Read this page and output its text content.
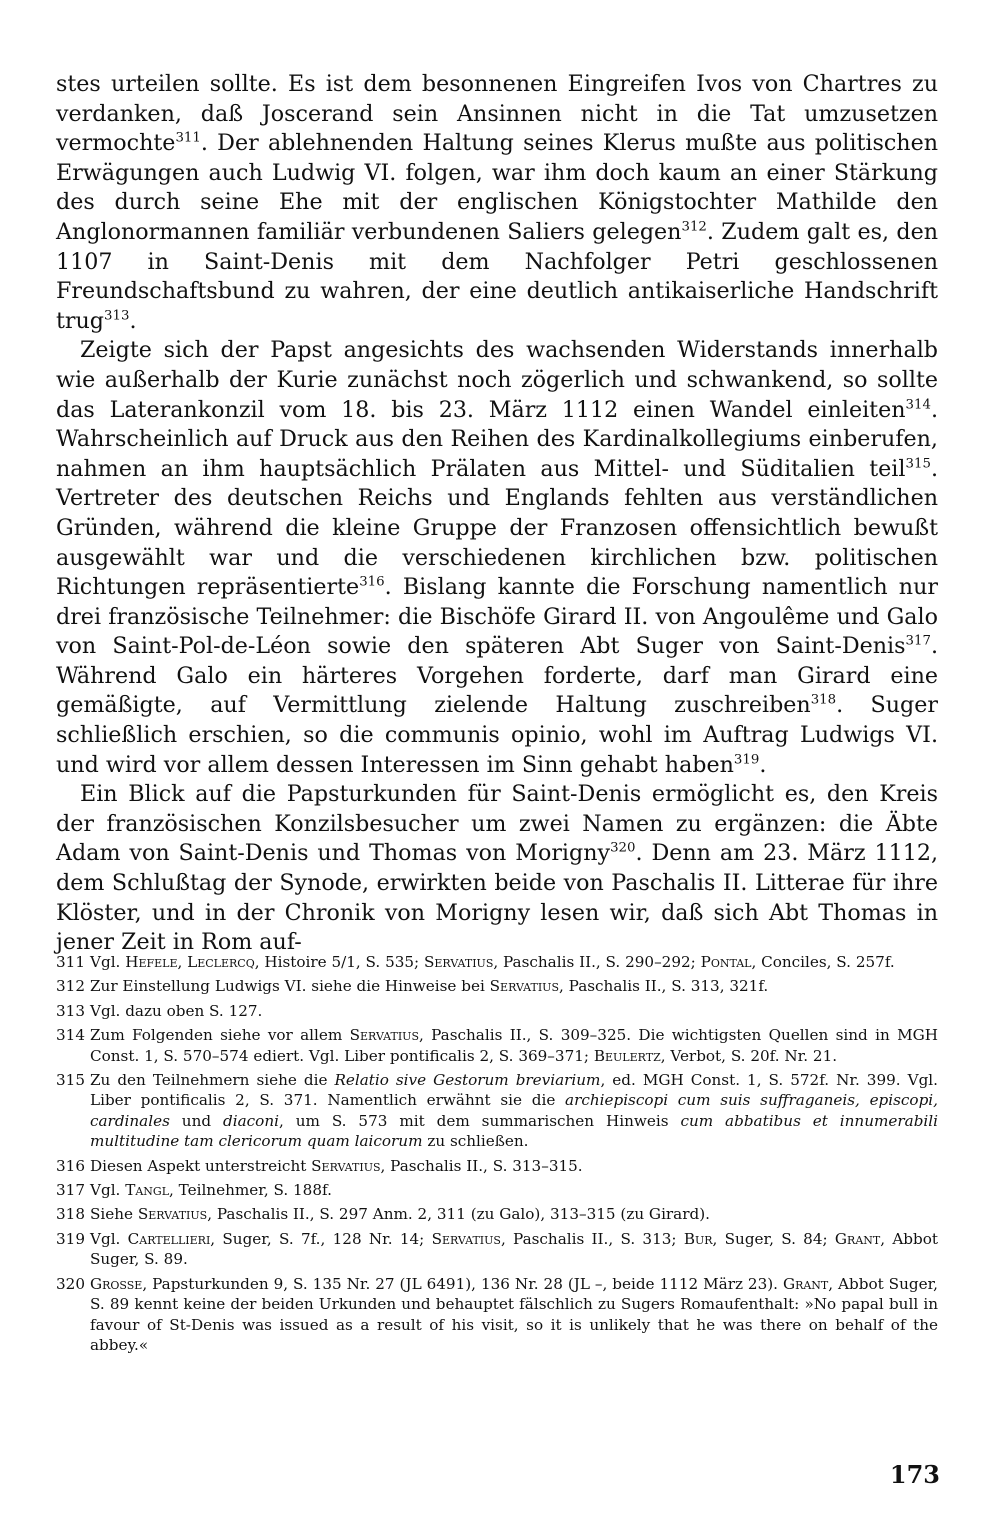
stes urteilen sollte. Es ist dem besonnenen Eingreifen Ivos von Chartres zu verdanken, daß Joscerand sein Ansinnen nicht in die Tat umzusetzen vermochte$^{311}$. Der ablehnenden Haltung seines Klerus mußte aus politischen Erwägungen auch Ludwig VI. folgen, war ihm doch kaum an einer Stärkung des durch seine Ehe mit der englischen Königstochter Mathilde den Anglonormannen familiär verbundenen Saliers gelegen$^{312}$. Zudem galt es, den 1107 in Saint-Denis mit dem Nachfolger Petri geschlossenen Freundschaftsbund zu wahren, der eine deutlich antikaiserliche Handschrift trug$^{313}$.

Zeigte sich der Papst angesichts des wachsenden Widerstands innerhalb wie außerhalb der Kurie zunächst noch zögerlich und schwankend, so sollte das Laterankonzil vom 18. bis 23. März 1112 einen Wandel einleiten$^{314}$. Wahrscheinlich auf Druck aus den Reihen des Kardinalkollegiums einberufen, nahmen an ihm hauptsächlich Prälaten aus Mittel- und Süditalien teil$^{315}$. Vertreter des deutschen Reichs und Englands fehlten aus verständlichen Gründen, während die kleine Gruppe der Franzosen offensichtlich bewußt ausgewählt war und die verschiedenen kirchlichen bzw. politischen Richtungen repräsentierte$^{316}$. Bislang kannte die Forschung namentlich nur drei französische Teilnehmer: die Bischöfe Girard II. von Angoulême und Galo von Saint-Pol-de-Léon sowie den späteren Abt Suger von Saint-Denis$^{317}$. Während Galo ein härteres Vorgehen forderte, darf man Girard eine gemäßigte, auf Vermittlung zielende Haltung zuschreiben$^{318}$. Suger schließlich erschien, so die communis opinio, wohl im Auftrag Ludwigs VI. und wird vor allem dessen Interessen im Sinn gehabt haben$^{319}$.

Ein Blick auf die Papsturkunden für Saint-Denis ermöglicht es, den Kreis der französischen Konzilsbesucher um zwei Namen zu ergänzen: die Äbte Adam von Saint-Denis und Thomas von Morigny$^{320}$. Denn am 23. März 1112, dem Schlußtag der Synode, erwirkten beide von Paschalis II. Litterae für ihre Klöster, und in der Chronik von Morigny lesen wir, daß sich Abt Thomas in jener Zeit in Rom auf-

311 Vgl. Hefele, Leclercq, Histoire 5/1, S. 535; Servatius, Paschalis II., S. 290–292; Pontal, Conciles, S. 257f.
312 Zur Einstellung Ludwigs VI. siehe die Hinweise bei Servatius, Paschalis II., S. 313, 321f.
313 Vgl. dazu oben S. 127.
314 Zum Folgenden siehe vor allem Servatius, Paschalis II., S. 309–325. Die wichtigsten Quellen sind in MGH Const. 1, S. 570–574 ediert. Vgl. Liber pontificalis 2, S. 369–371; Beulertz, Verbot, S. 20f. Nr. 21.
315 Zu den Teilnehmern siehe die Relatio sive Gestorum breviarium, ed. MGH Const. 1, S. 572f. Nr. 399. Vgl. Liber pontificalis 2, S. 371. Namentlich erwähnt sie die archiepiscopi cum suis suffraganeis, episcopi, cardinales und diaconi, um S. 573 mit dem summarischen Hinweis cum abbatibus et innumerabili multitudine tam clericorum quam laicorum zu schließen.
316 Diesen Aspekt unterstreicht Servatius, Paschalis II., S. 313–315.
317 Vgl. Tangl, Teilnehmer, S. 188f.
318 Siehe Servatius, Paschalis II., S. 297 Anm. 2, 311 (zu Galo), 313–315 (zu Girard).
319 Vgl. Cartellieri, Suger, S. 7f., 128 Nr. 14; Servatius, Paschalis II., S. 313; Bur, Suger, S. 84; Grant, Abbot Suger, S. 89.
320 Grosse, Papsturkunden 9, S. 135 Nr. 27 (JL 6491), 136 Nr. 28 (JL –, beide 1112 März 23). Grant, Abbot Suger, S. 89 kennt keine der beiden Urkunden und behauptet fälschlich zu Sugers Romaufenthalt: »No papal bull in favour of St-Denis was issued as a result of his visit, so it is unlikely that he was there on behalf of the abbey.«
173
